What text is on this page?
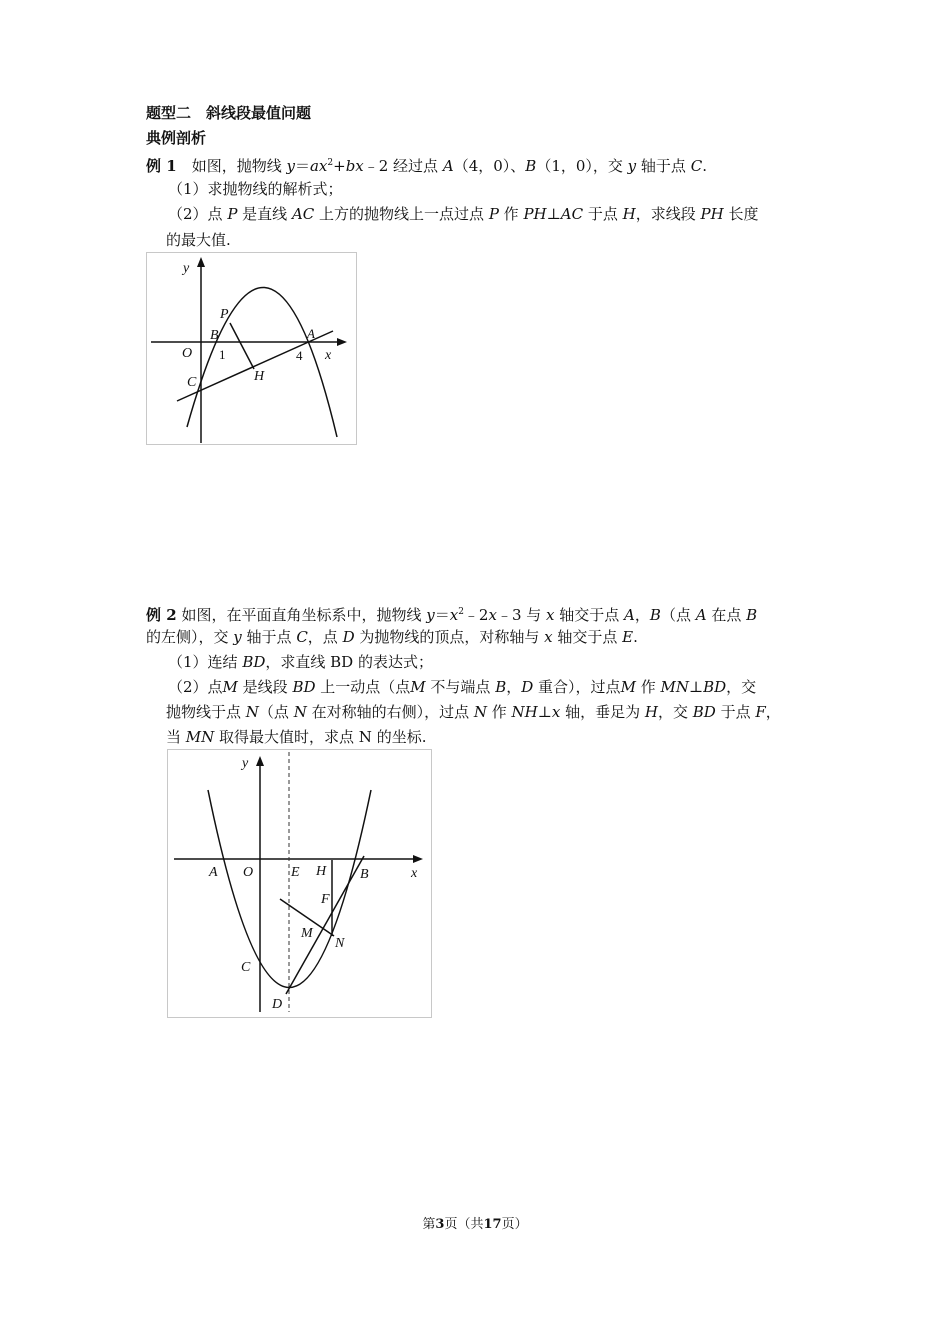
题型二　斜线段最值问题
典例剖析
例 1　 如图，抛物线 $y=ax^2+bx﹣2$ 经过点 A（4，0）、B（1，0），交 y 轴于点 C.
（1）求抛物线的解析式；
（2）点 P 是直线 AC 上方的抛物线上一点过点 P 作 PH⊥AC 于点 H，求线段 PH 长度
的最大值.
y
x
O 1	4
A
B
C
P
H
例 2 如图，在平面直角坐标系中，抛物线 $y=x^2﹣2x﹣3$ 与 x 轴交于点 A，B（点 A 在点 B
的左侧），交 y 轴于点 C，点 D 为抛物线的顶点，对称轴与 x 轴交于点 E.
（1）连结 BD，求直线 BD 的表达式；
（2）点M 是线段 BD 上一动点（点M 不与端点 B，D 重合），过点M 作 MN⊥BD，交
抛物线于点 N（点 N 在对称轴的右侧），过点 N 作 NH⊥x 轴，垂足为 H，交 BD 于点 F，
当 MN 取得最大值时，求点 N 的坐标.
y
x
A O	E H B
F
M
N
C
D
第3页（共17页）
